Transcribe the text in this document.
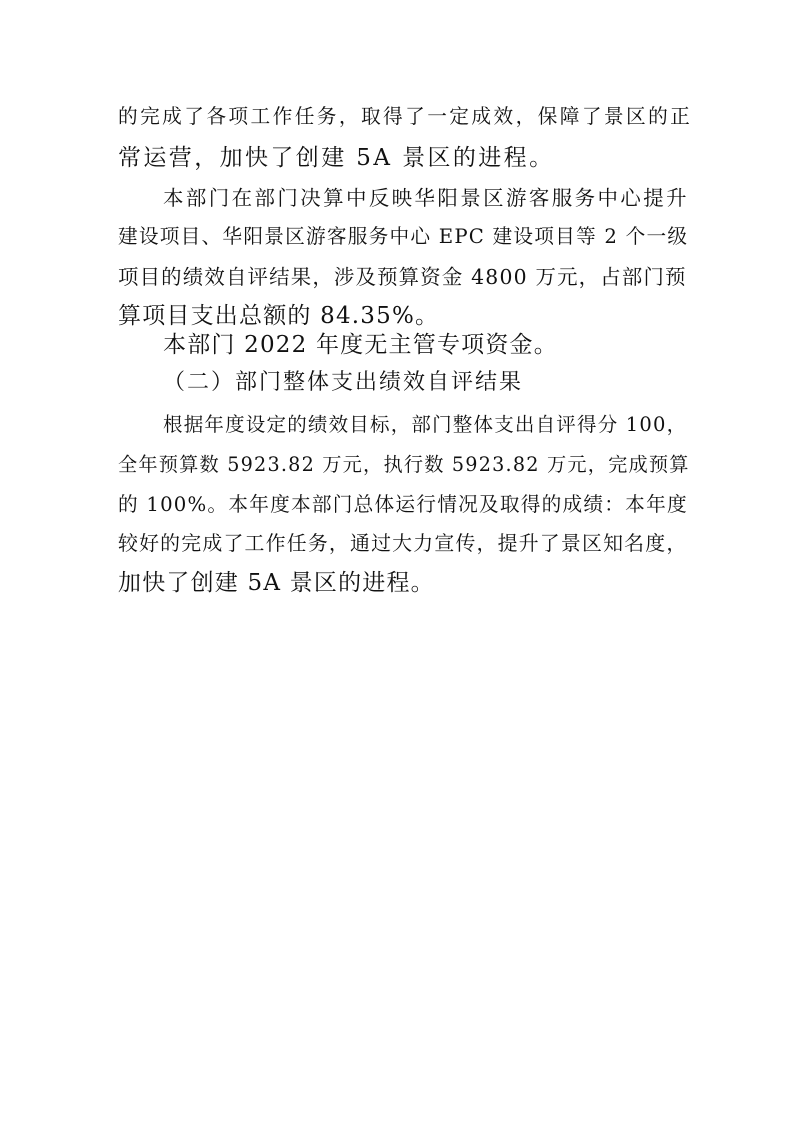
的完成了各项工作任务，取得了一定成效，保障了景区的正
常运营，加快了创建 5A 景区的进程。
本部门在部门决算中反映华阳景区游客服务中心提升
建设项目、华阳景区游客服务中心 EPC 建设项目等 2 个一级
项目的绩效自评结果，涉及预算资金 4800 万元，占部门预
算项目支出总额的 84.35%。
本部门 2022 年度无主管专项资金。
（二）部门整体支出绩效自评结果
根据年度设定的绩效目标，部门整体支出自评得分 100，
全年预算数 5923.82 万元，执行数 5923.82 万元，完成预算
的 100%。本年度本部门总体运行情况及取得的成绩：本年度
较好的完成了工作任务，通过大力宣传，提升了景区知名度，
加快了创建 5A 景区的进程。
